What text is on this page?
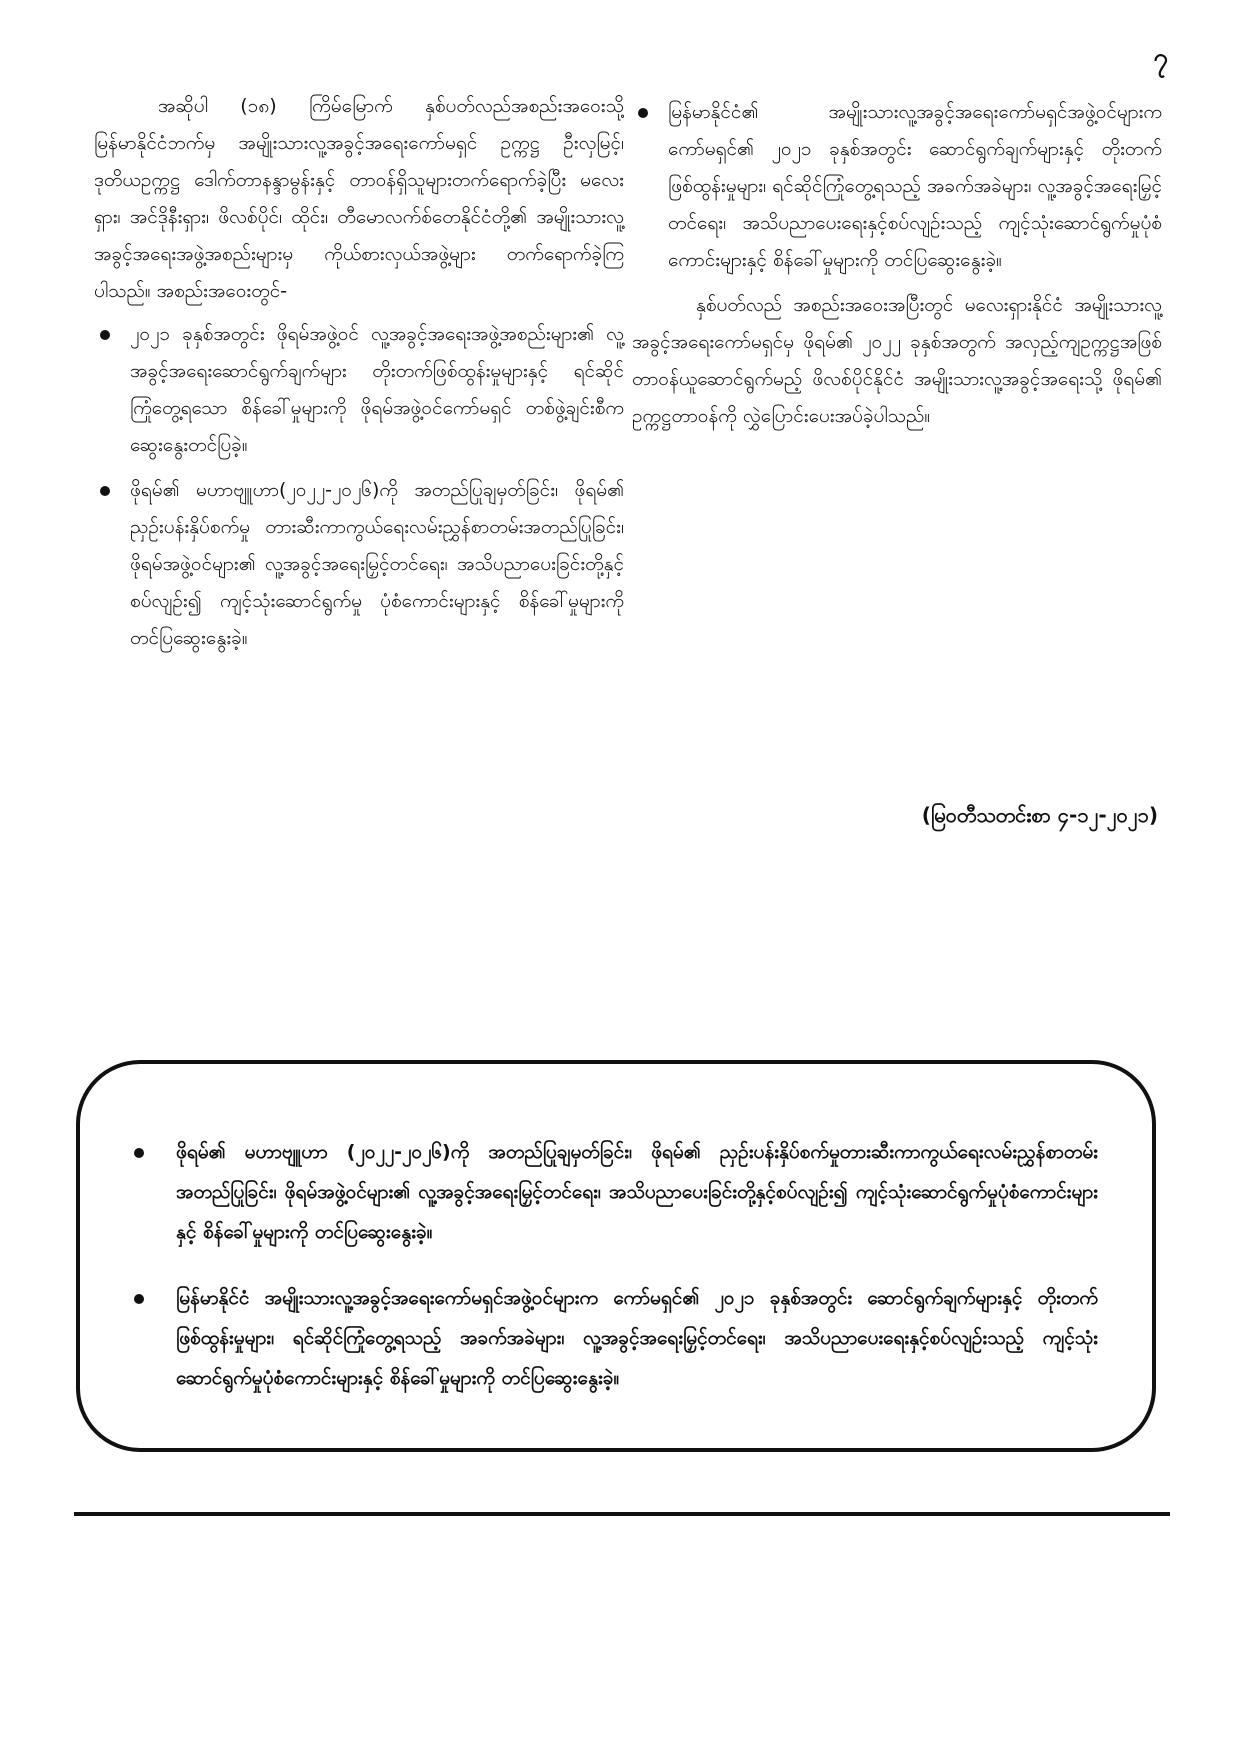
၇

အဆိုပါ (၁၈) ကြိမ်မြောက် နှစ်ပတ်လည်အစည်းအဝေးသို့ မြန်မာနိုင်ငံဘက်မှ အမျိုးသားလူ့အခွင့်အရေးကော်မရှင် ဥက္ကဋ္ဌ ဦးလှမြင့်၊ ဒုတိယဥက္ကဋ္ဌ ဒေါက်တာနန္ဒာမွန်းနှင့် တာဝန်ရှိသူများတက်ရောက်ခဲ့ပြီး မလေးရှား၊ အင်ဒိုနီးရှား၊ ဖိလစ်ပိုင်၊ ထိုင်း၊ တီမောလက်စ်တေနိုင်ငံတို့၏ အမျိုးသားလူ့အခွင့်အရေးအဖွဲ့အစည်းများမှ ကိုယ်စားလှယ်အဖွဲ့များ တက်ရောက်ခဲ့ကြပါသည်။ အစည်းအဝေးတွင်-

၂၀၂၁ ခုနှစ်အတွင်း ဖိုရမ်အဖွဲ့ဝင် လူ့အခွင့်အရေးအဖွဲ့အစည်းများ၏ လူ့အခွင့်အရေးဆောင်ရွက်ချက်များ တိုးတက်ဖြစ်ထွန်းမှုများနှင့် ရင်ဆိုင်ကြုံတွေ့ရသော စိန်ခေါ်မှုများကို ဖိုရမ်အဖွဲ့ဝင်ကော်မရှင် တစ်ဖွဲ့ချင်းစီကဆွေးနွေးတင်ပြခဲ့။
ဖိုရမ်၏ မဟာဗျူဟာ(၂၀၂၂-၂၀၂၆)ကို အတည်ပြုချမှတ်ခြင်း၊ ဖိုရမ်၏ ညှဉ်းပန်းနှိပ်စက်မှု တားဆီးကာကွယ်ရေးလမ်းညွှန်စာတမ်းအတည်ပြုခြင်း၊ ဖိုရမ်အဖွဲ့ဝင်များ၏ လူ့အခွင့်အရေးမြှင့်တင်ရေး၊ အသိပညာပေးခြင်းတို့နှင့်စပ်လျဉ်း၍ ကျင့်သုံးဆောင်ရွက်မှု ပုံစံကောင်းများနှင့် စိန်ခေါ်မှုများကို တင်ပြဆွေးနွေးခဲ့။
မြန်မာနိုင်ငံ၏ အမျိုးသားလူ့အခွင့်အရေးကော်မရှင်အဖွဲ့ဝင်များက ကော်မရှင်၏ ၂၀၂၁ ခုနှစ်အတွင်း ဆောင်ရွက်ချက်များနှင့် တိုးတက်ဖြစ်ထွန်းမှုများ၊ ရင်ဆိုင်ကြုံတွေ့ရသည့် အခက်အခဲများ၊ လူ့အခွင့်အရေးမြှင့်တင်ရေး၊ အသိပညာပေးရေးနှင့်စပ်လျဉ်းသည့် ကျင့်သုံးဆောင်ရွက်မှုပုံစံကောင်းများနှင့် စိန်ခေါ်မှုများကို တင်ပြဆွေးနွေးခဲ့။

နှစ်ပတ်လည် အစည်းအဝေးအပြီးတွင် မလေးရှားနိုင်ငံ အမျိုးသားလူ့အခွင့်အရေးကော်မရှင်မှ ဖိုရမ်၏ ၂၀၂၂ ခုနှစ်အတွက် အလှည့်ကျဥက္ကဋ္ဌအဖြစ် တာဝန်ယူဆောင်ရွက်မည့် ဖိလစ်ပိုင်နိုင်ငံ အမျိုးသားလူ့အခွင့်အရေးသို့ ဖိုရမ်၏ ဥက္ကဋ္ဌတာဝန်ကို လွှဲပြောင်းပေးအပ်ခဲ့ပါသည်။

(မြဝတီသတင်းစာ ၄-၁၂-၂၀၂၁)
ဖိုရမ်၏ မဟာဗျူဟာ (၂၀၂၂-၂၀၂၆)ကို အတည်ပြုချမှတ်ခြင်း၊ ဖိုရမ်၏ ညှဉ်းပန်းနှိပ်စက်မှုတားဆီးကာကွယ်ရေးလမ်းညွှန်စာတမ်းအတည်ပြုခြင်း၊ ဖိုရမ်အဖွဲ့ဝင်များ၏ လူ့အခွင့်အရေးမြှင့်တင်ရေး၊ အသိပညာပေးခြင်းတို့နှင့်စပ်လျဉ်း၍ ကျင့်သုံးဆောင်ရွက်မှုပုံစံကောင်းများနှင့် စိန်ခေါ်မှုများကို တင်ပြဆွေးနွေးခဲ့။
မြန်မာနိုင်ငံ အမျိုးသားလူ့အခွင့်အရေးကော်မရှင်အဖွဲ့ဝင်များက ကော်မရှင်၏ ၂၀၂၁ ခုနှစ်အတွင်း ဆောင်ရွက်ချက်များနှင့် တိုးတက်ဖြစ်ထွန်းမှုများ၊ ရင်ဆိုင်ကြုံတွေ့ရသည့် အခက်အခဲများ၊ လူ့အခွင့်အရေးမြှင့်တင်ရေး၊ အသိပညာပေးရေးနှင့်စပ်လျဉ်းသည့် ကျင့်သုံးဆောင်ရွက်မှုပုံစံကောင်းများနှင့် စိန်ခေါ်မှုများကို တင်ပြဆွေးနွေးခဲ့။
